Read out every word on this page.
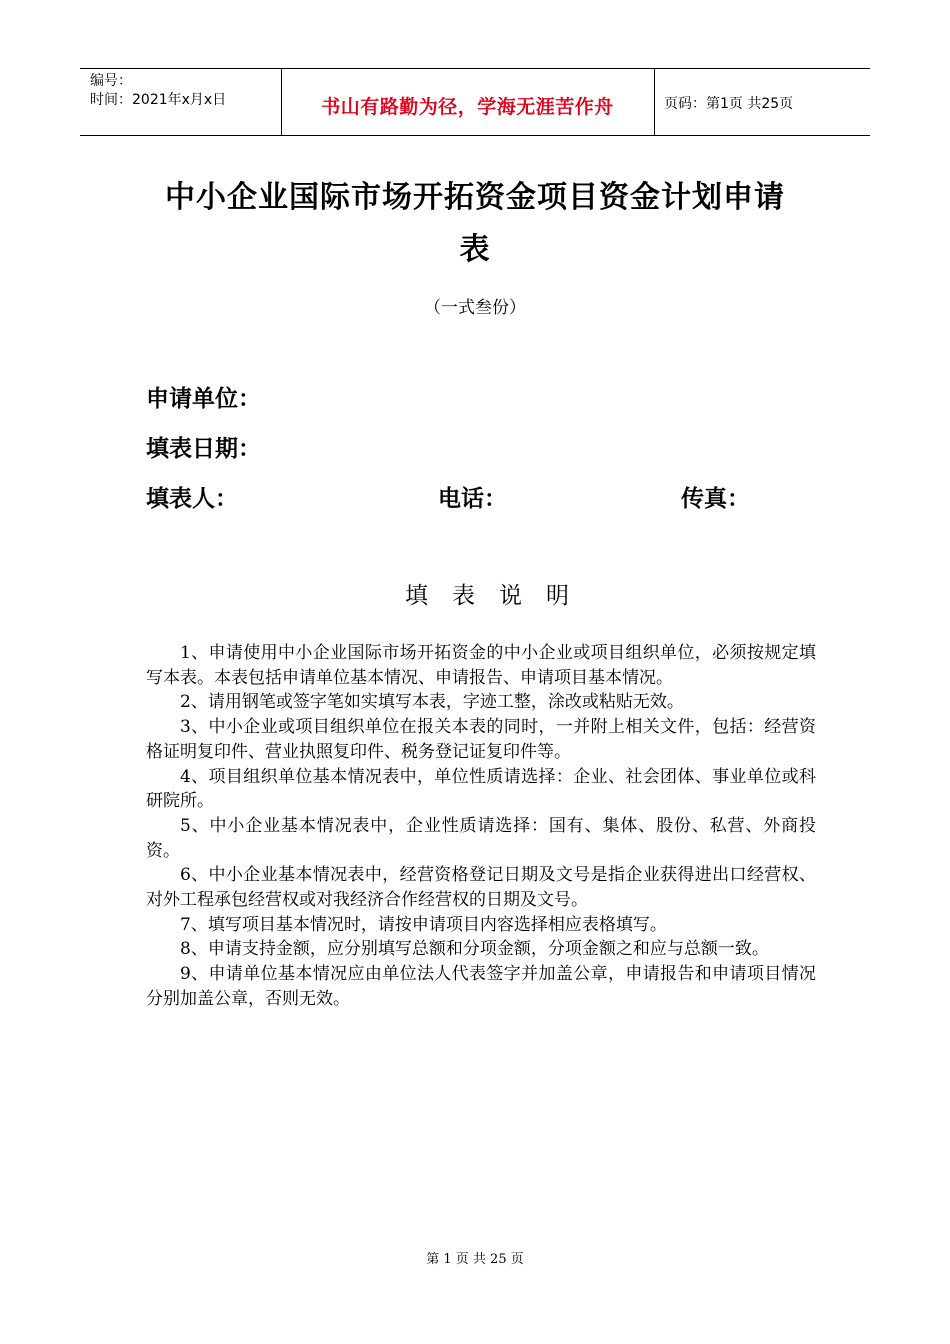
编号：
时间：2021年x月x日	书山有路勤为径，学海无涯苦作舟	页码：第1页 共25页
中小企业国际市场开拓资金项目资金计划申请
表
（一式叁份）
申请单位：
填表日期：
填表人：	电话：	传真：
填表说明

1、申请使用中小企业国际市场开拓资金的中小企业或项目组织单位，必须按规定填写本表。本表包括申请单位基本情况、申请报告、申请项目基本情况。

2、请用钢笔或签字笔如实填写本表，字迹工整，涂改或粘贴无效。

3、中小企业或项目组织单位在报关本表的同时，一并附上相关文件，包括：经营资格证明复印件、营业执照复印件、税务登记证复印件等。

4、项目组织单位基本情况表中，单位性质请选择：企业、社会团体、事业单位或科研院所。

5、中小企业基本情况表中，企业性质请选择：国有、集体、股份、私营、外商投资。

6、中小企业基本情况表中，经营资格登记日期及文号是指企业获得进出口经营权、对外工程承包经营权或对我经济合作经营权的日期及文号。

7、填写项目基本情况时，请按申请项目内容选择相应表格填写。

8、申请支持金额，应分别填写总额和分项金额，分项金额之和应与总额一致。

9、申请单位基本情况应由单位法人代表签字并加盖公章，申请报告和申请项目情况分别加盖公章，否则无效。

第 1 页 共 25 页
